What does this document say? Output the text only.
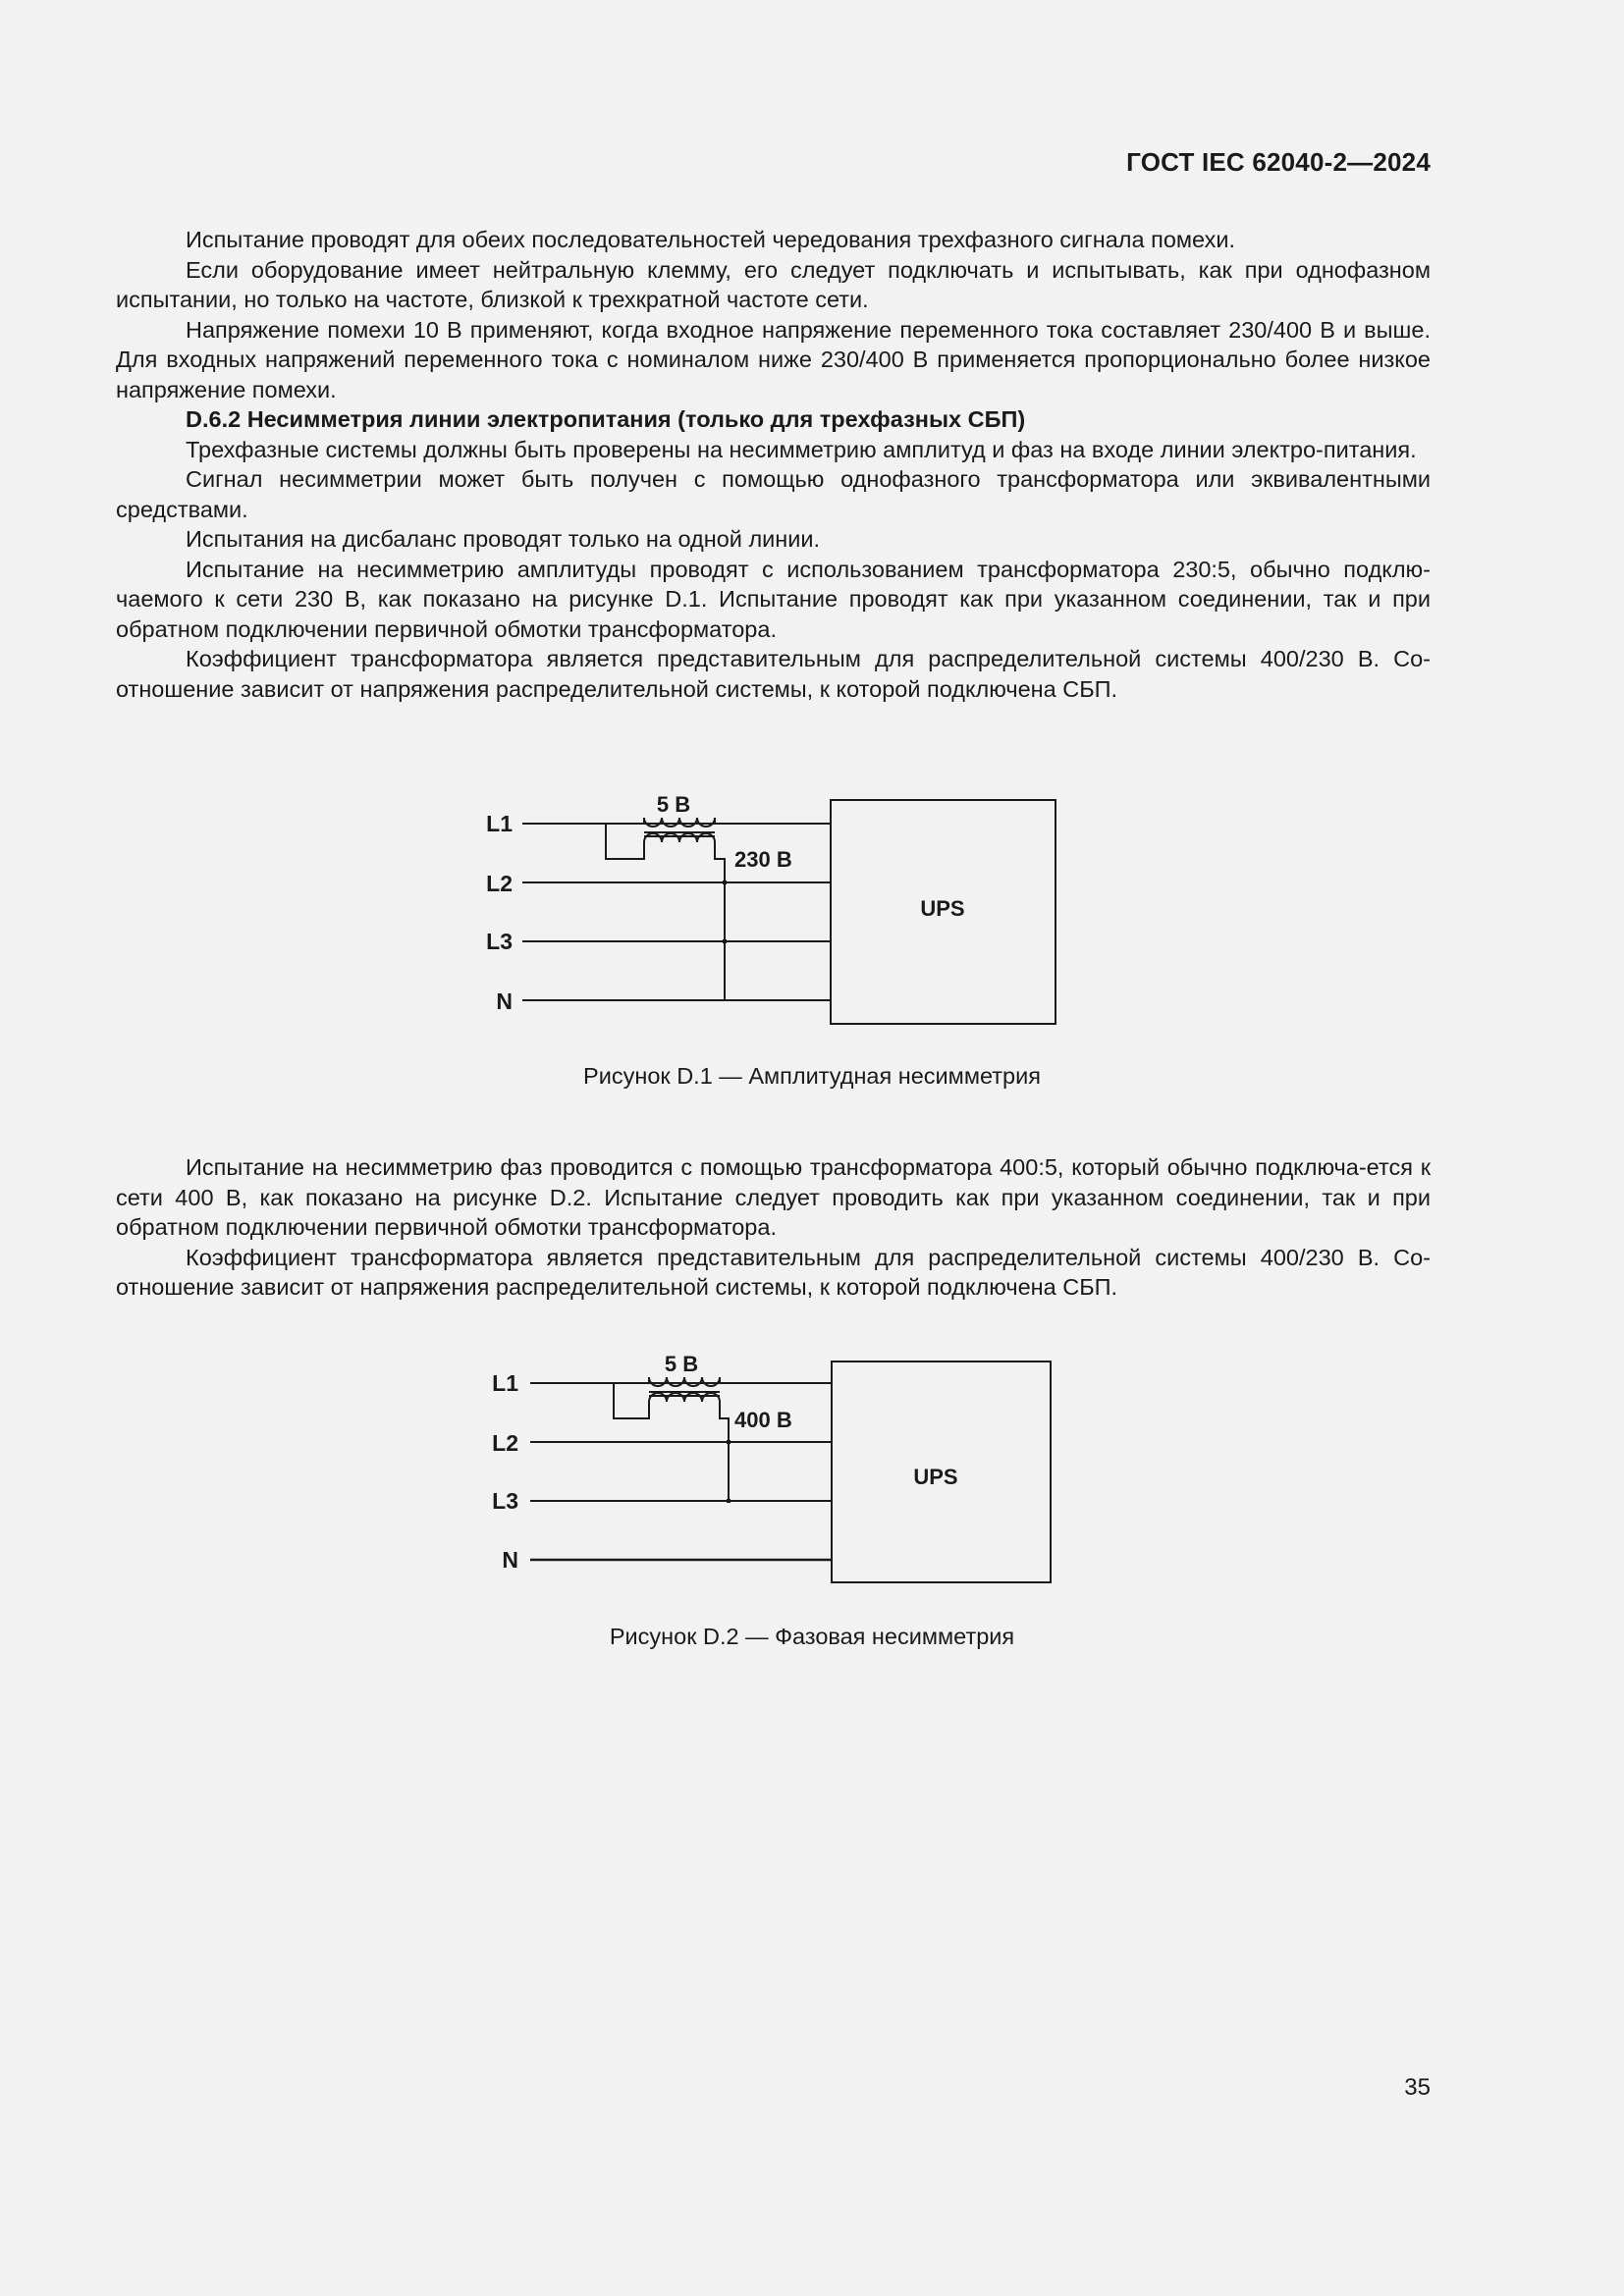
ГОСТ IEC 62040-2—2024

Испытание проводят для обеих последовательностей чередования трехфазного сигнала помехи.

Если оборудование имеет нейтральную клемму, его следует подключать и испытывать, как при однофазном испытании, но только на частоте, близкой к трехкратной частоте сети.

Напряжение помехи 10 В применяют, когда входное напряжение переменного тока составляет 230/400 В и выше. Для входных напряжений переменного тока с номиналом ниже 230/400 В применяется пропорционально более низкое напряжение помехи.

D.6.2 Несимметрия линии электропитания (только для трехфазных СБП)

Трехфазные системы должны быть проверены на несимметрию амплитуд и фаз на входе линии электро-питания.

Сигнал несимметрии может быть получен с помощью однофазного трансформатора или эквивалентными средствами.

Испытания на дисбаланс проводят только на одной линии.

Испытание на несимметрию амплитуды проводят с использованием трансформатора 230:5, обычно подклю-чаемого к сети 230 В, как показано на рисунке D.1. Испытание проводят как при указанном соединении, так и при обратном подключении первичной обмотки трансформатора.

Коэффициент трансформатора является представительным для распределительной системы 400/230 В. Со-отношение зависит от напряжения распределительной системы, к которой подключена СБП.

L1
L2
L3
N
5 В
230 В
UPS
Рисунок D.1 — Амплитудная несимметрия

Испытание на несимметрию фаз проводится с помощью трансформатора 400:5, который обычно подключа-ется к сети 400 В, как показано на рисунке D.2. Испытание следует проводить как при указанном соединении, так и при обратном подключении первичной обмотки трансформатора.

Коэффициент трансформатора является представительным для распределительной системы 400/230 В. Со-отношение зависит от напряжения распределительной системы, к которой подключена СБП.

L1
L2
L3
N
5 В
400 В
UPS
Рисунок D.2 — Фазовая несимметрия
35
